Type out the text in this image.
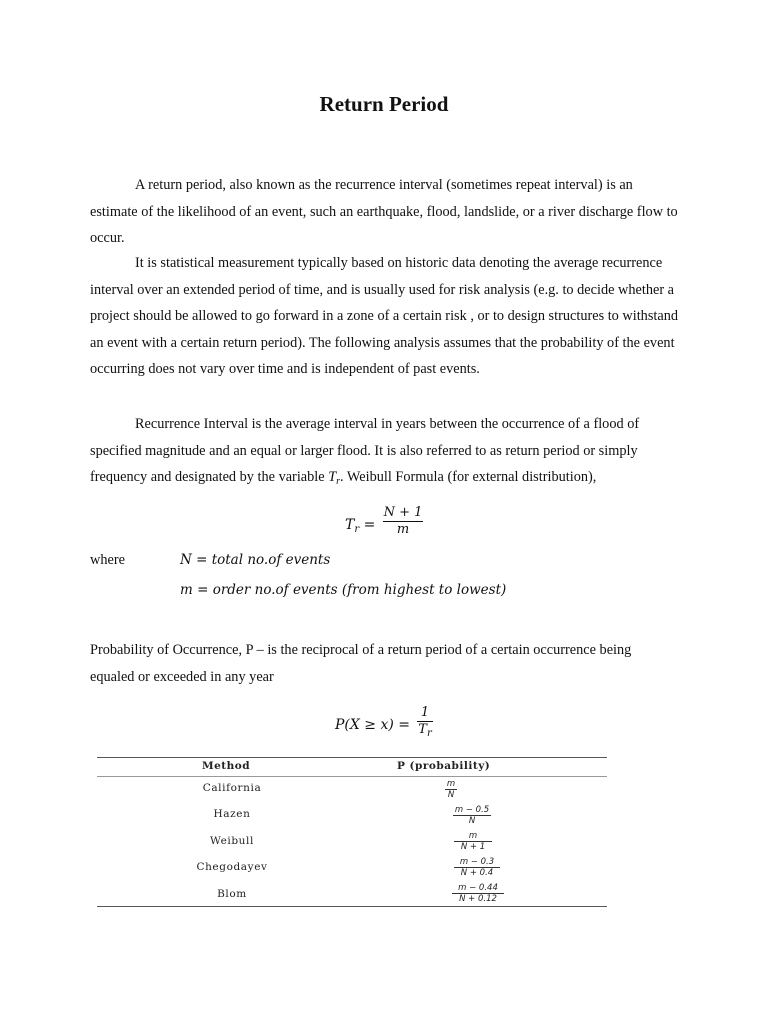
Return Period

A return period, also known as the recurrence interval (sometimes repeat interval) is an estimate of the likelihood of an event, such an earthquake, flood, landslide, or a river discharge flow to occur.

It is statistical measurement typically based on historic data denoting the average recurrence interval over an extended period of time, and is usually used for risk analysis (e.g. to decide whether a project should be allowed to go forward in a zone of a certain risk , or to design structures to withstand an event with a certain return period). The following analysis assumes that the probability of the event occurring does not vary over time and is independent of past events.

Recurrence Interval is the average interval in years between the occurrence of a flood of specified magnitude and an equal or larger flood. It is also referred to as return period or simply frequency and designated by the variable $T_r$. Weibull Formula (for external distribution),

$T_r$ =
N + 1
m
where	N = total no.of events
m = order no.of events (from highest to lowest)

Probability of Occurrence, P – is the reciprocal of a return period of a certain occurrence being equaled or exceeded in any year

P(X ≥ x) =
1
$T_r$
Method	P (probability)
California	m
N
Hazen	m − 0.5
N
Weibull	m
N + 1
Chegodayev	m − 0.3
N + 0.4
Blom	m − 0.44
N + 0.12
